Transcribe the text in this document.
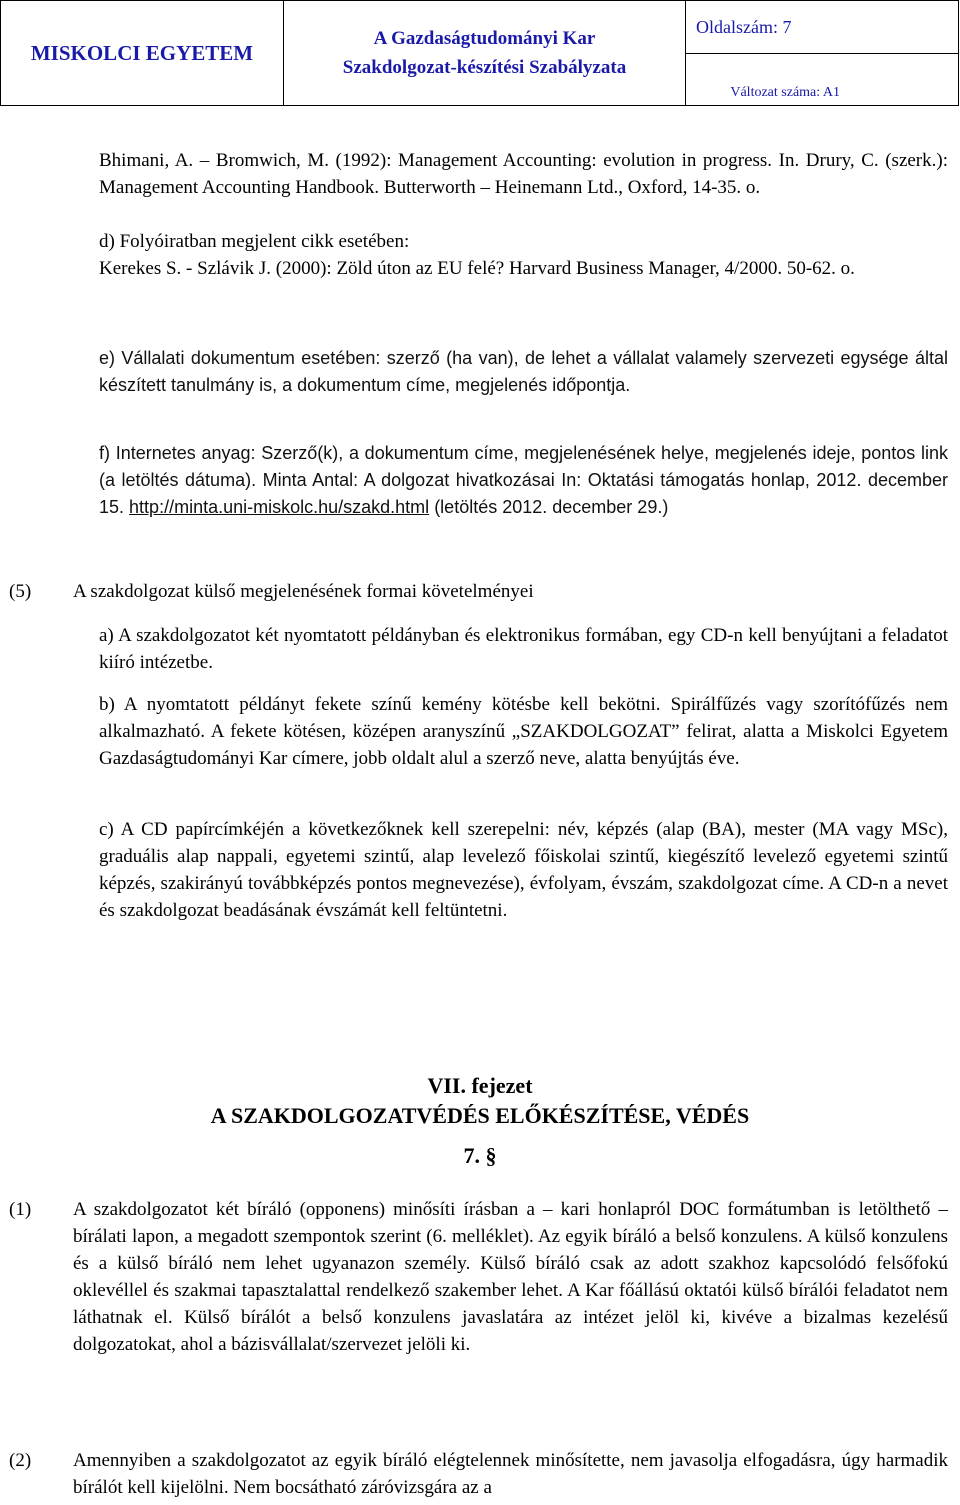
MISKOLCI EGYETEM
A Gazdaságtudományi Kar
Szakdolgozat-készítési Szabályzata
Oldalszám: 7
Változat száma: A1

Bhimani, A. – Bromwich, M. (1992): Management Accounting: evolution in progress. In. Drury, C. (szerk.): Management Accounting Handbook. Butterworth – Heinemann Ltd., Oxford, 14-35. o.

d) Folyóiratban megjelent cikk esetében:

Kerekes S. - Szlávik J. (2000): Zöld úton az EU felé? Harvard Business Manager, 4/2000. 50-62. o.

e) Vállalati dokumentum esetében: szerző (ha van), de lehet a vállalat valamely szervezeti egysége által készített tanulmány is, a dokumentum címe, megjelenés időpontja.

f) Internetes anyag: Szerző(k), a dokumentum címe, megjelenésének helye, megjelenés ideje, pontos link (a letöltés dátuma). Minta Antal: A dolgozat hivatkozásai In: Oktatási támogatás honlap, 2012. december 15. http://minta.uni-miskolc.hu/szakd.html (letöltés 2012. december 29.)

(5) A szakdolgozat külső megjelenésének formai követelményei

a) A szakdolgozatot két nyomtatott példányban és elektronikus formában, egy CD-n kell benyújtani a feladatot kiíró intézetbe.

b) A nyomtatott példányt fekete színű kemény kötésbe kell bekötni. Spirálfűzés vagy szorítófűzés nem alkalmazható. A fekete kötésen, középen aranyszínű „SZAKDOLGOZAT” felirat, alatta a Miskolci Egyetem Gazdaságtudományi Kar címere, jobb oldalt alul a szerző neve, alatta benyújtás éve.

c) A CD papírcímkéjén a következőknek kell szerepelni: név, képzés (alap (BA), mester (MA vagy MSc), graduális alap nappali, egyetemi szintű, alap levelező főiskolai szintű, kiegészítő levelező egyetemi szintű képzés, szakirányú továbbképzés pontos megnevezése), évfolyam, évszám, szakdolgozat címe. A CD-n a nevet és szakdolgozat beadásának évszámát kell feltüntetni.

VII. fejezet
A SZAKDOLGOZATVÉDÉS ELŐKÉSZÍTÉSE, VÉDÉS
7. §
(1) A szakdolgozatot két bíráló (opponens) minősíti írásban a – kari honlapról DOC formátumban is letölthető – bírálati lapon, a megadott szempontok szerint (6. melléklet). Az egyik bíráló a belső konzulens. A külső konzulens és a külső bíráló nem lehet ugyanazon személy. Külső bíráló csak az adott szakhoz kapcsolódó felsőfokú oklevéllel és szakmai tapasztalattal rendelkező szakember lehet. A Kar főállású oktatói külső bírálói feladatot nem láthatnak el. Külső bírálót a belső konzulens javaslatára az intézet jelöl ki, kivéve a bizalmas kezelésű dolgozatokat, ahol a bázisvállalat/szervezet jelöli ki.

(2) Amennyiben a szakdolgozatot az egyik bíráló elégtelennek minősítette, nem javasolja elfogadásra, úgy harmadik bírálót kell kijelölni. Nem bocsátható záróvizsgára az a
